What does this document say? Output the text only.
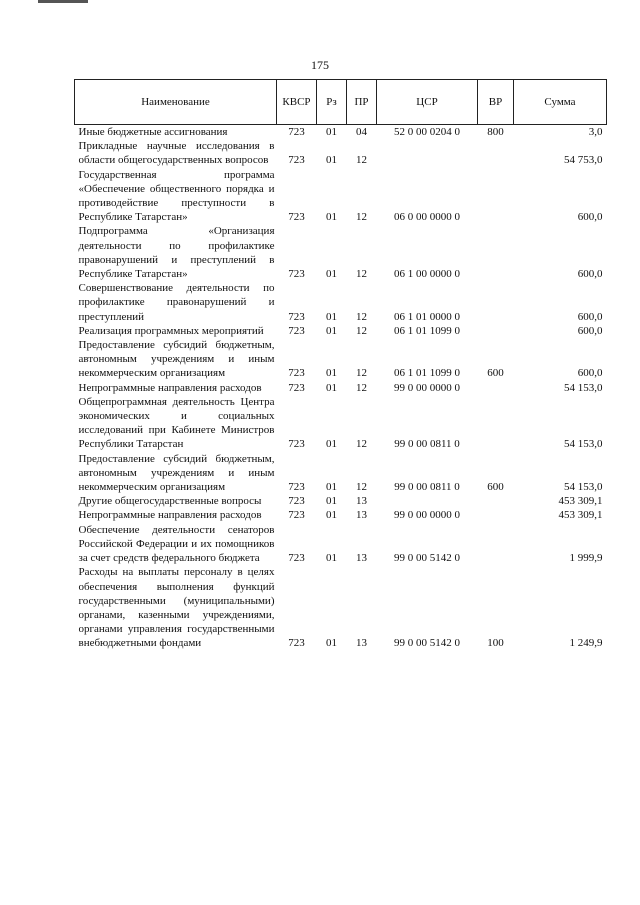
175
Наименование	КВСР	Рз	ПР	ЦСР	ВР	Сумма
Иные бюджетные ассигнования	723	01	04	52 0 00 0204 0	800	3,0
Прикладные научные исследования в области общегосударственных вопросов	723	01	12			54 753,0
Государственная программа «Обеспечение общественного порядка и противодействие преступности в Республике Татарстан»	723	01	12	06 0 00 0000 0		600,0
Подпрограмма «Организация деятельности по профилактике правонарушений и преступлений в Республике Татарстан»	723	01	12	06 1 00 0000 0		600,0
Совершенствование деятельности по профилактике правонарушений и преступлений	723	01	12	06 1 01 0000 0		600,0
Реализация программных мероприятий	723	01	12	06 1 01 1099 0		600,0
Предоставление субсидий бюджетным, автономным учреждениям и иным некоммерческим организациям	723	01	12	06 1 01 1099 0	600	600,0
Непрограммные направления расходов	723	01	12	99 0 00 0000 0		54 153,0
Общепрограммная деятельность Центра экономических и социальных исследований при Кабинете Министров Республики Татарстан	723	01	12	99 0 00 0811 0		54 153,0
Предоставление субсидий бюджетным, автономным учреждениям и иным некоммерческим организациям	723	01	12	99 0 00 0811 0	600	54 153,0
Другие общегосударственные вопросы	723	01	13			453 309,1
Непрограммные направления расходов	723	01	13	99 0 00 0000 0		453 309,1
Обеспечение деятельности сенаторов Российской Федерации и их помощников за счет средств федерального бюджета	723	01	13	99 0 00 5142 0		1 999,9
Расходы на выплаты персоналу в целях обеспечения выполнения функций государственными (муниципальными) органами, казенными учреждениями, органами управления государственными внебюджетными фондами	723	01	13	99 0 00 5142 0	100	1 249,9
